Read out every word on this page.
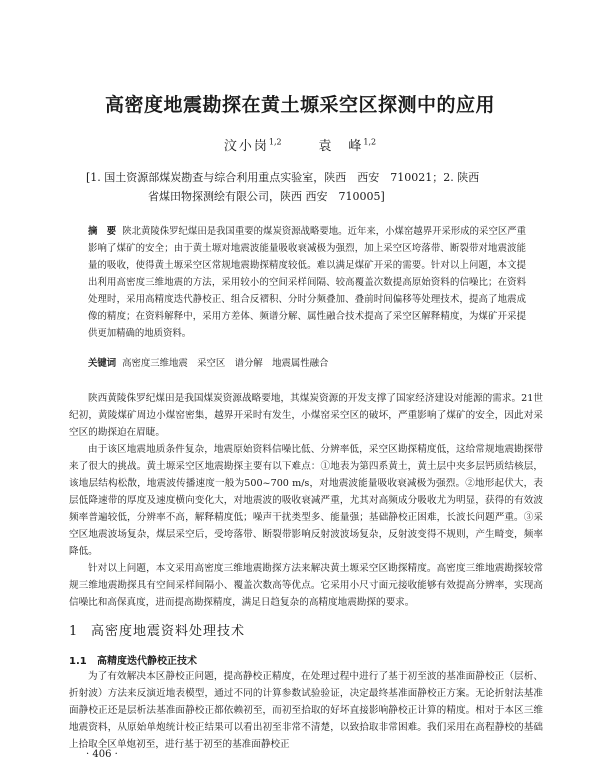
高密度地震勘探在黄土塬采空区探测中的应用
汶小岗$^{1,2}$	袁　峰$^{1,2}$
[1. 国土资源部煤炭勘查与综合利用重点实验室，陕西　西安　710021；2. 陕西
省煤田物探测绘有限公司，陕西 西安　710005]
摘　要 陕北黄陵侏罗纪煤田是我国重要的煤炭资源战略要地。近年来，小煤窑越界开采形成的采空区严重影响了煤矿的安全；由于黄土塬对地震波能量吸收衰减极为强烈，加上采空区垮落带、断裂带对地震波能量的吸收，使得黄土塬采空区常规地震勘探精度较低。难以满足煤矿开采的需要。针对以上问题，本文提出利用高密度三维地震的方法，采用较小的空间采样间隔、较高覆盖次数提高原始资料的信噪比；在资料处理时，采用高精度迭代静校正、组合反褶积、分时分频叠加、叠前时间偏移等处理技术，提高了地震成像的精度；在资料解释中，采用方差体、频谱分解、属性融合技术提高了采空区解释精度，为煤矿开采提供更加精确的地质资料。
关键词 高密度三维地震　采空区　谱分解　地震属性融合

陕西黄陵侏罗纪煤田是我国煤炭资源战略要地，其煤炭资源的开发支撑了国家经济建设对能源的需求。21世纪初，黄陵煤矿周边小煤窑密集，越界开采时有发生，小煤窑采空区的破坏，严重影响了煤矿的安全，因此对采空区的勘探迫在眉睫。

由于该区地震地质条件复杂，地震原始资料信噪比低、分辨率低，采空区勘探精度低，这给常规地震勘探带来了很大的挑战。黄土塬采空区地震勘探主要有以下难点：①地表为第四系黄土，黄土层中夹多层钙质结核层，该地层结构松散，地震波传播速度一般为500~700 m/s，对地震波能量吸收衰减极为强烈。②地形起伏大，表层低降速带的厚度及速度横向变化大，对地震波的吸收衰减严重，尤其对高频成分吸收尤为明显，获得的有效波频率普遍较低，分辨率不高，解释精度低；噪声干扰类型多、能量强；基础静校正困难，长波长问题严重。③采空区地震波场复杂，煤层采空后，受垮落带、断裂带影响反射波波场复杂，反射波变得不规则，产生畸变，频率降低。

针对以上问题，本文采用高密度三维地震勘探方法来解决黄土塬采空区勘探精度。高密度三维地震勘探较常规三维地震勘探具有空间采样间隔小、覆盖次数高等优点。它采用小尺寸面元接收能够有效提高分辨率，实现高信噪比和高保真度，进而提高勘探精度，满足日趋复杂的高精度地震勘探的要求。

1 高密度地震资料处理技术
1.1 高精度迭代静校正技术

为了有效解决本区静校正问题，提高静校正精度，在处理过程中进行了基于初至波的基准面静校正（层析、折射波）方法来反演近地表模型，通过不同的计算参数试验验证，决定最终基准面静校正方案。无论折射法基准面静校正还是层析法基准面静校正都依赖初至，而初至拾取的好坏直接影响静校正计算的精度。相对于本区三维地震资料，从原始单炮统计校正结果可以看出初至非常不清楚，以致拾取非常困难。我们采用在高程静校的基础上拾取全区单炮初至，进行基于初至的基准面静校正

· 406 ·
